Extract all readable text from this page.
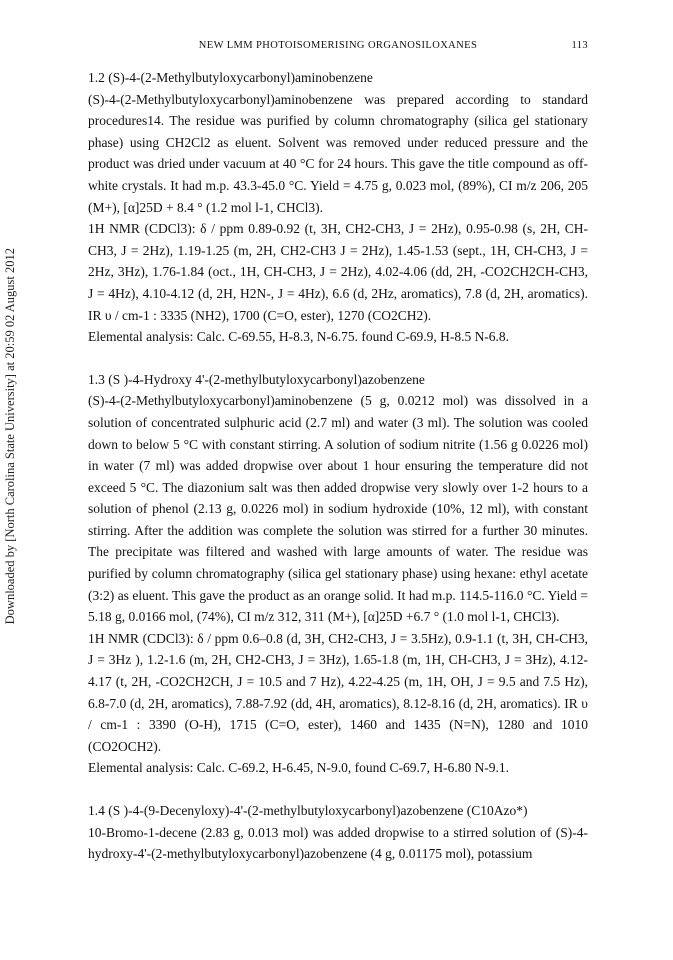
NEW LMM PHOTOISOMERISING ORGANOSILOXANES	113
Downloaded by [North Carolina State University] at 20:59 02 August 2012

1.2 (S)-4-(2-Methylbutyloxycarbonyl)aminobenzene

(S)-4-(2-Methylbutyloxycarbonyl)aminobenzene was prepared according to standard procedures14. The residue was purified by column chromatography (silica gel stationary phase) using CH2Cl2 as eluent. Solvent was removed under reduced pressure and the product was dried under vacuum at 40 °C for 24 hours. This gave the title compound as off-white crystals. It had m.p. 43.3-45.0 °C. Yield = 4.75 g, 0.023 mol, (89%), CI m/z 206, 205 (M+), [α]25D + 8.4 ° (1.2 mol l-1, CHCl3).

1H NMR (CDCl3): δ / ppm 0.89-0.92 (t, 3H, CH2-CH3, J = 2Hz), 0.95-0.98 (s, 2H, CH-CH3, J = 2Hz), 1.19-1.25 (m, 2H, CH2-CH3 J = 2Hz), 1.45-1.53 (sept., 1H, CH-CH3, J = 2Hz, 3Hz), 1.76-1.84 (oct., 1H, CH-CH3, J = 2Hz), 4.02-4.06 (dd, 2H, -CO2CH2CH-CH3, J = 4Hz), 4.10-4.12 (d, 2H, H2N-, J = 4Hz), 6.6 (d, 2Hz, aromatics), 7.8 (d, 2H, aromatics). IR υ / cm-1 : 3335 (NH2), 1700 (C=O, ester), 1270 (CO2CH2).

Elemental analysis: Calc. C-69.55, H-8.3, N-6.75. found C-69.9, H-8.5 N-6.8.

1.3 (S )-4-Hydroxy 4'-(2-methylbutyloxycarbonyl)azobenzene

(S)-4-(2-Methylbutyloxycarbonyl)aminobenzene (5 g, 0.0212 mol) was dissolved in a solution of concentrated sulphuric acid (2.7 ml) and water (3 ml). The solution was cooled down to below 5 °C with constant stirring. A solution of sodium nitrite (1.56 g 0.0226 mol) in water (7 ml) was added dropwise over about 1 hour ensuring the temperature did not exceed 5 °C. The diazonium salt was then added dropwise very slowly over 1-2 hours to a solution of phenol (2.13 g, 0.0226 mol) in sodium hydroxide (10%, 12 ml), with constant stirring. After the addition was complete the solution was stirred for a further 30 minutes. The precipitate was filtered and washed with large amounts of water. The residue was purified by column chromatography (silica gel stationary phase) using hexane: ethyl acetate (3:2) as eluent. This gave the product as an orange solid. It had m.p. 114.5-116.0 °C. Yield = 5.18 g, 0.0166 mol, (74%), CI m/z 312, 311 (M+), [α]25D +6.7 ° (1.0 mol l-1, CHCl3).

1H NMR (CDCl3): δ / ppm 0.6–0.8 (d, 3H, CH2-CH3, J = 3.5Hz), 0.9-1.1 (t, 3H, CH-CH3, J = 3Hz ), 1.2-1.6 (m, 2H, CH2-CH3, J = 3Hz), 1.65-1.8 (m, 1H, CH-CH3, J = 3Hz), 4.12-4.17 (t, 2H, -CO2CH2CH, J = 10.5 and 7 Hz), 4.22-4.25 (m, 1H, OH, J = 9.5 and 7.5 Hz), 6.8-7.0 (d, 2H, aromatics), 7.88-7.92 (dd, 4H, aromatics), 8.12-8.16 (d, 2H, aromatics). IR υ / cm-1 : 3390 (O-H), 1715 (C=O, ester), 1460 and 1435 (N=N), 1280 and 1010 (CO2OCH2).

Elemental analysis: Calc. C-69.2, H-6.45, N-9.0, found C-69.7, H-6.80 N-9.1.

1.4 (S )-4-(9-Decenyloxy)-4'-(2-methylbutyloxycarbonyl)azobenzene (C10Azo*)

10-Bromo-1-decene (2.83 g, 0.013 mol) was added dropwise to a stirred solution of (S)-4-hydroxy-4'-(2-methylbutyloxycarbonyl)azobenzene (4 g, 0.01175 mol), potassium
